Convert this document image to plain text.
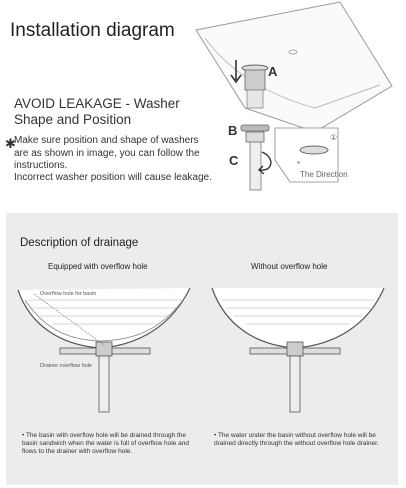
①
*
Installation diagram
AVOID LEAKAGE - Washer Shape and Position
✱
Make sure position and shape of washers are as shown in image, you can follow the instructions.
Incorrect washer position will cause leakage.
A
B
C
The Direction
Description of drainage
Equipped with overflow hole	Without overflow hole
Overflow hole for basin
Drainer overflow hole
• The basin with overflow hole will be drained through the basin sandwich when the water is full of overflow hole and flows to the drainer with overflow hole.
• The water under the basin without overflow hole will be drained directly through the without overflow hole drainer.
